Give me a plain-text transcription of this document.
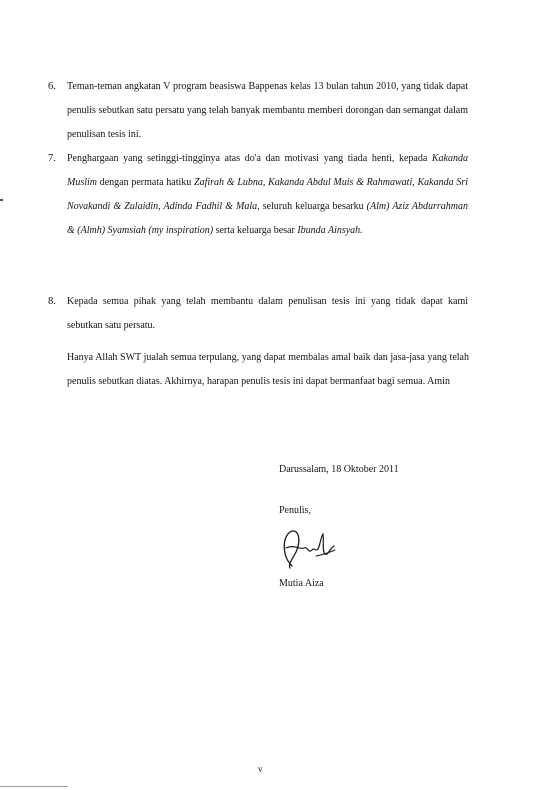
6. Teman-teman angkatan V program beasiswa Bappenas kelas 13 bulan tahun 2010, yang tidak dapat penulis sebutkan satu persatu yang telah banyak membantu memberi dorongan dan semangat dalam penulisan tesis ini.
7. Penghargaan yang setinggi-tingginya atas do'a dan motivasi yang tiada henti, kepada Kakanda Muslim dengan permata hatiku Zafirah & Lubna, Kakanda Abdul Muis & Rahmawati, Kakanda Sri Novakandi & Zulaidin, Adinda Fadhil & Mala, seluruh keluarga besarku (Alm) Aziz Abdurrahman & (Almh) Syamsiah (my inspiration) serta keluarga besar Ibunda Ainsyah.
8. Kepada semua pihak yang telah membantu dalam penulisan tesis ini yang tidak dapat kami sebutkan satu persatu.
Hanya Allah SWT jualah semua terpulang, yang dapat membalas amal baik dan jasa-jasa yang telah penulis sebutkan diatas. Akhirnya, harapan penulis tesis ini dapat bermanfaat bagi semua. Amin
Darussalam, 18 Oktober 2011
Penulis,
Mutia Aiza
v
